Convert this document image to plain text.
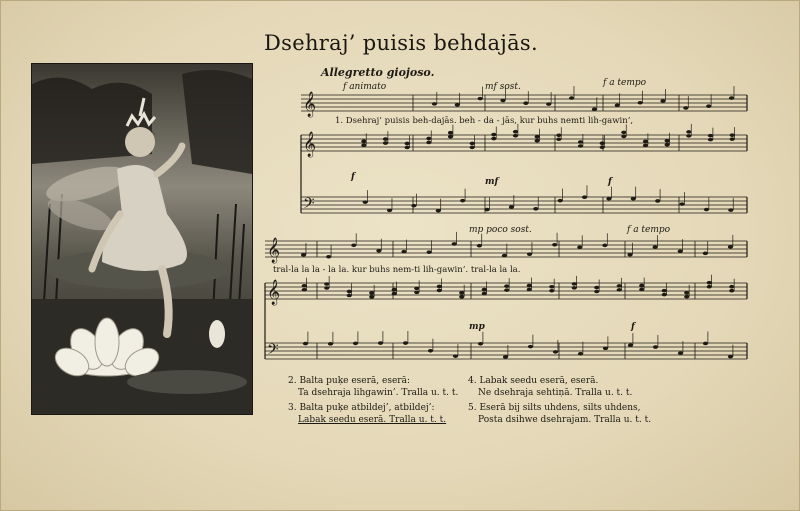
Dsehraj’ puisis behdajās.
Allegretto giojoso.
f animato	mf sost.	f a tempo
𝄞
1. Dsehraj’ puisis beh-dajās. beh - da - jās, kur buhs nemti lih-gawin’,
𝄞
𝄢
f	mf	f
mp poco sost.	f a tempo
𝄞
tral-la la la - la la. kur buhs nem-ti lih-gawin’. tral-la la la.
𝄞
𝄢
mp	f
2. Balta puķe eserā, eserā:
Ta dsehraja lihgawin’. Tralla u. t. t.
3. Balta puķe atbildej’, atbildej’:
Labak seedu eserā. Tralla u. t. t.
4. Labak seedu eserā, eserā.
Ne dsehraja sehtiņā. Tralla u. t. t.
5. Eserā bij silts uhdens, silts uhdens,
Posta dsihwe dsehrajam. Tralla u. t. t.
